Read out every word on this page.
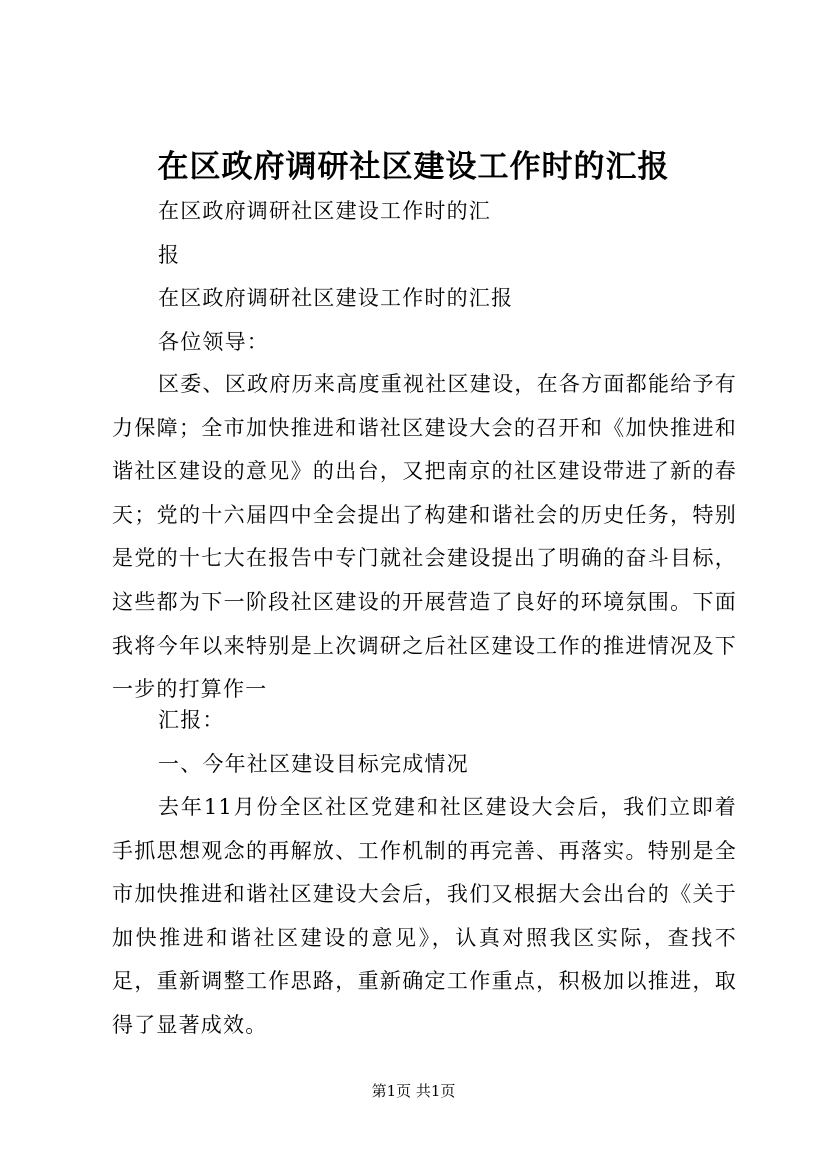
在区政府调研社区建设工作时的汇报
在区政府调研社区建设工作时的汇
报
在区政府调研社区建设工作时的汇报
各位领导：
区委、区政府历来高度重视社区建设，在各方面都能给予有力保障；全市加快推进和谐社区建设大会的召开和《加快推进和谐社区建设的意见》的出台，又把南京的社区建设带进了新的春天；党的十六届四中全会提出了构建和谐社会的历史任务，特别是党的十七大在报告中专门就社会建设提出了明确的奋斗目标，这些都为下一阶段社区建设的开展营造了良好的环境氛围。下面我将今年以来特别是上次调研之后社区建设工作的推进情况及下一步的打算作一
汇报：
一、今年社区建设目标完成情况
去年11月份全区社区党建和社区建设大会后，我们立即着手抓思想观念的再解放、工作机制的再完善、再落实。特别是全市加快推进和谐社区建设大会后，我们又根据大会出台的《关于加快推进和谐社区建设的意见》，认真对照我区实际，查找不足，重新调整工作思路，重新确定工作重点，积极加以推进，取得了显著成效。
第1页 共1页
